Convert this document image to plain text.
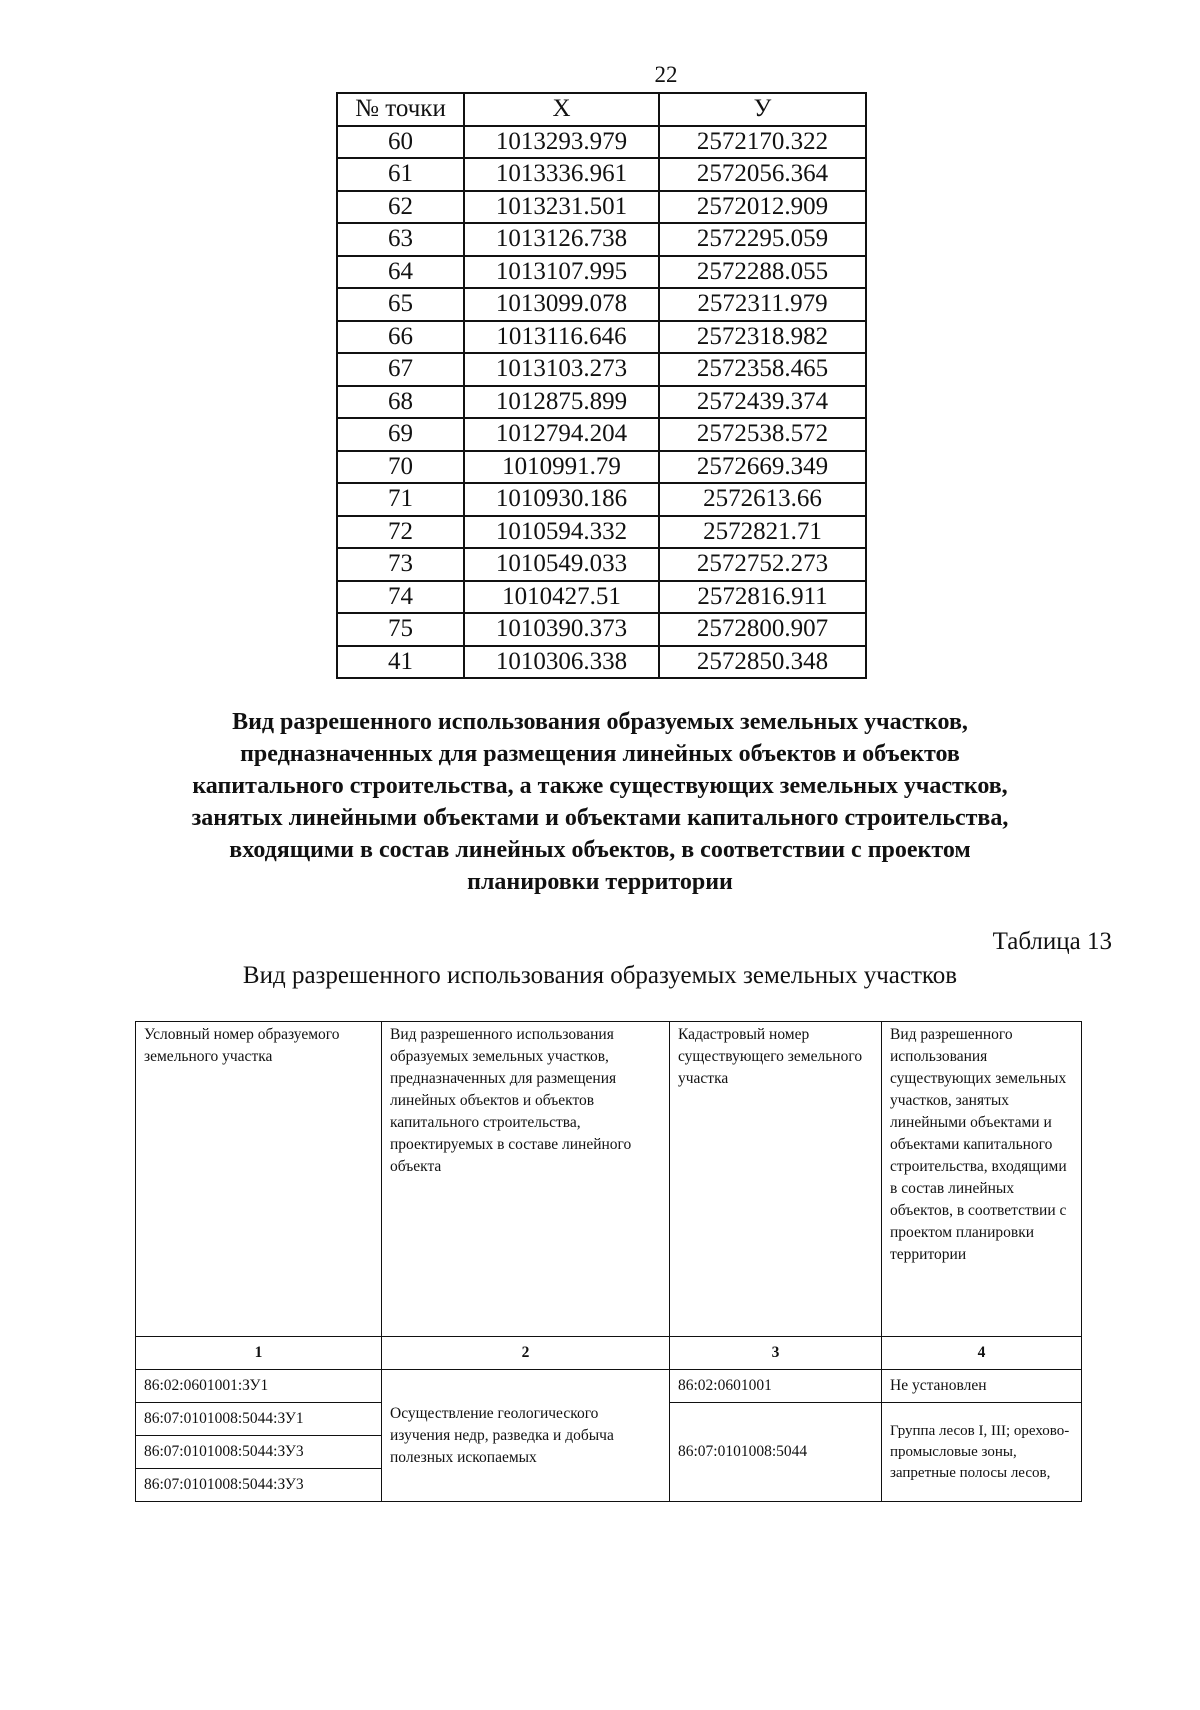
22
№ точки	X	У
60	1013293.979	2572170.322
61	1013336.961	2572056.364
62	1013231.501	2572012.909
63	1013126.738	2572295.059
64	1013107.995	2572288.055
65	1013099.078	2572311.979
66	1013116.646	2572318.982
67	1013103.273	2572358.465
68	1012875.899	2572439.374
69	1012794.204	2572538.572
70	1010991.79	2572669.349
71	1010930.186	2572613.66
72	1010594.332	2572821.71
73	1010549.033	2572752.273
74	1010427.51	2572816.911
75	1010390.373	2572800.907
41	1010306.338	2572850.348
Вид разрешенного использования образуемых земельных участков,
предназначенных для размещения линейных объектов и объектов
капитального строительства, а также существующих земельных участков,
занятых линейными объектами и объектами капитального строительства,
входящими в состав линейных объектов, в соответствии с проектом
планировки территории
Таблица 13
Вид разрешенного использования образуемых земельных участков
Условный номер образуемого земельного участка	Вид разрешенного использования образуемых земельных участков, предназначенных для размещения линейных объектов и объектов капитального строительства, проектируемых в составе линейного объекта	Кадастровый номер существующего земельного участка	Вид разрешенного использования существующих земельных участков, занятых линейными объектами и объектами капитального строительства, входящими в состав линейных объектов, в соответствии с проектом планировки территории
1	2	3	4
86:02:0601001:ЗУ1	Осуществление геологического изучения недр, разведка и добыча полезных ископаемых	86:02:0601001	Не установлен
86:07:0101008:5044:ЗУ1		86:07:0101008:5044	Группа лесов I, III; орехово-промысловые зоны, запретные полосы лесов,
86:07:0101008:5044:ЗУ3			
86:07:0101008:5044:ЗУ3			
